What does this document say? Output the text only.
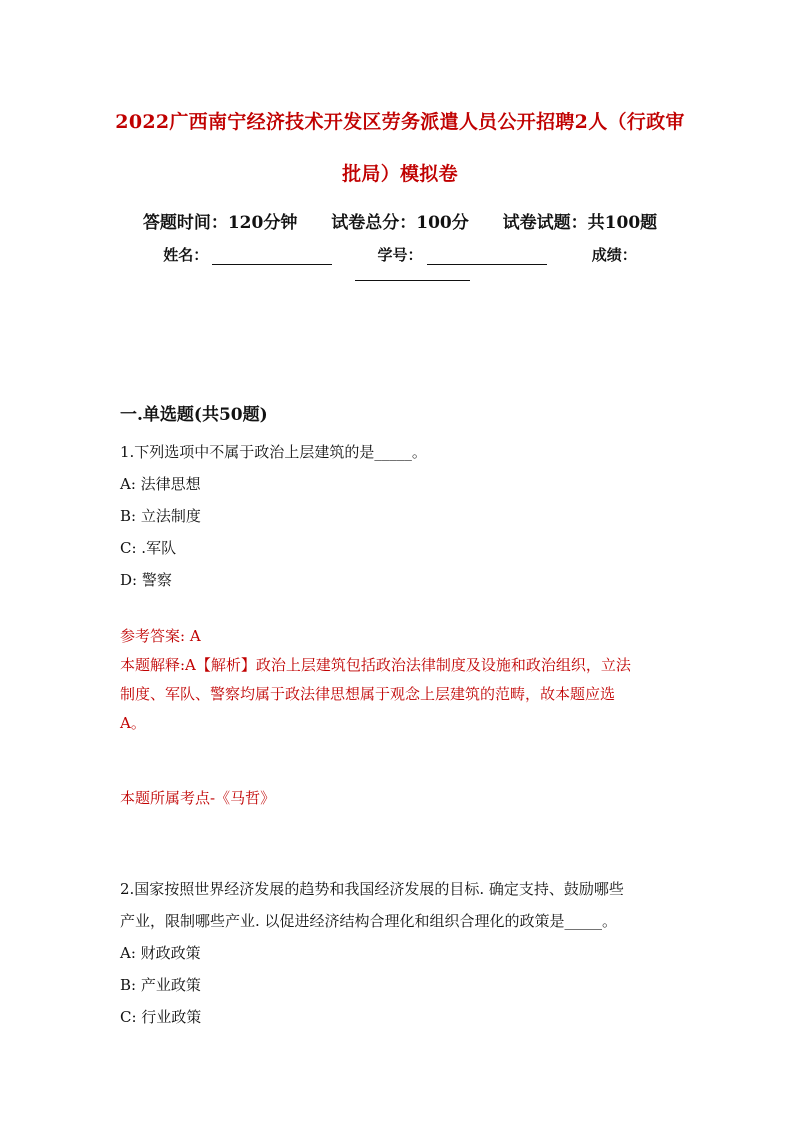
2022广西南宁经济技术开发区劳务派遣人员公开招聘2人（行政审
批局）模拟卷
答题时间：120分钟 试卷总分：100分 试卷试题：共100题
姓名：	学号：	成绩：
一.单选题(共50题)
1.下列选项中不属于政治上层建筑的是_____。
A: 法律思想
B: 立法制度
C: .军队
D: 警察
参考答案: A
本题解释:A【解析】政治上层建筑包括政治法律制度及设施和政治组织，立法
制度、军队、警察均属于政法律思想属于观念上层建筑的范畴，故本题应选
A。
本题所属考点-《马哲》
2.国家按照世界经济发展的趋势和我国经济发展的目标. 确定支持、鼓励哪些
产业，限制哪些产业. 以促进经济结构合理化和组织合理化的政策是_____。
A: 财政政策
B: 产业政策
C: 行业政策
